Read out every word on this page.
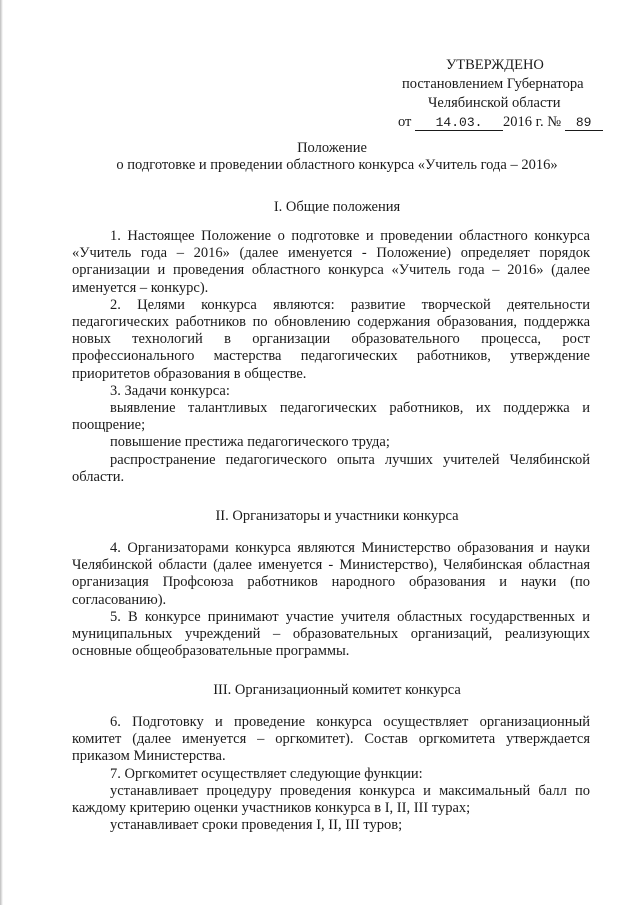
УТВЕРЖДЕНО
постановлением Губернатора
Челябинской области
от 14.03. 2016 г. № 89
Положение
о подготовке и проведении областного конкурса «Учитель года – 2016»
I. Общие положения

1. Настоящее Положение о подготовке и проведении областного конкурса «Учитель года – 2016» (далее именуется - Положение) определяет порядок организации и проведения областного конкурса «Учитель года – 2016» (далее именуется – конкурс).

2. Целями конкурса являются: развитие творческой деятельности педагогических работников по обновлению содержания образования, поддержка новых технологий в организации образовательного процесса, рост профессионального мастерства педагогических работников, утверждение приоритетов образования в обществе.

3. Задачи конкурса:

выявление талантливых педагогических работников, их поддержка и поощрение;

повышение престижа педагогического труда;

распространение педагогического опыта лучших учителей Челябинской области.

II. Организаторы и участники конкурса

4. Организаторами конкурса являются Министерство образования и науки Челябинской области (далее именуется - Министерство), Челябинская областная организация Профсоюза работников народного образования и науки (по согласованию).

5. В конкурсе принимают участие учителя областных государственных и муниципальных учреждений – образовательных организаций, реализующих основные общеобразовательные программы.

III. Организационный комитет конкурса

6. Подготовку и проведение конкурса осуществляет организационный комитет (далее именуется – оргкомитет). Состав оргкомитета утверждается приказом Министерства.

7. Оргкомитет осуществляет следующие функции:

устанавливает процедуру проведения конкурса и максимальный балл по каждому критерию оценки участников конкурса в I, II, III турах;

устанавливает сроки проведения I, II, III туров;
